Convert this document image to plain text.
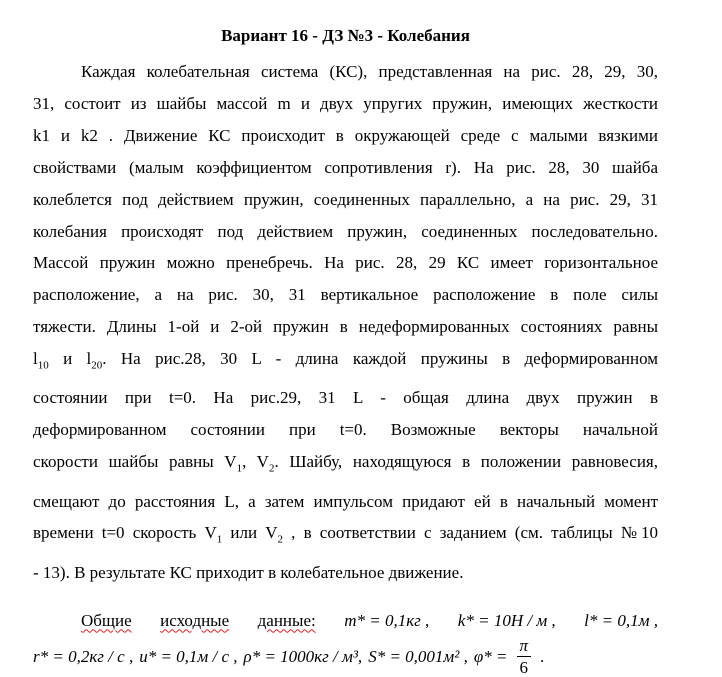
Вариант 16 - ДЗ №3 - Колебания
Каждая колебательная система (КС), представленная на рис. 28, 29, 30,
31, состоит из шайбы массой m и двух упругих пружин, имеющих жесткости
k1 и k2 . Движение КС происходит в окружающей среде с малыми вязкими
свойствами (малым коэффициентом сопротивления r). На рис. 28, 30 шайба
колеблется под действием пружин, соединенных параллельно, а на рис. 29, 31
колебания происходят под действием пружин, соединенных последовательно.
Массой пружин можно пренебречь. На рис. 28, 29 КС имеет горизонтальное
расположение, а на рис. 30, 31 вертикальное расположение в поле силы
тяжести. Длины 1-ой и 2-ой пружин в недеформированных состояниях равны
$l_{10}$ и $l_{20}$. На рис.28, 30 L - длина каждой пружины в деформированном
состоянии при t=0. На рис.29, 31 L - общая длина двух пружин в
деформированном состоянии при t=0. Возможные векторы начальной
скорости шайбы равны $V_1$, $V_2$. Шайбу, находящуюся в положении равновесия,
смещают до расстояния L, а затем импульсом придают ей в начальный момент
времени t=0 скорость $V_1$ или $V_2$ , в соответствии с заданием (см. таблицы №10
- 13). В результате КС приходит в колебательное движение.
Общие исходные данные: m* = 0,1кг , k* = 10Н / м , l* = 0,1м ,
r* = 0,2кг / с , u* = 0,1м / с , ρ* = 1000кг / м³, S* = 0,001м² , $\varphi* = \frac{\pi}{6}$ .
